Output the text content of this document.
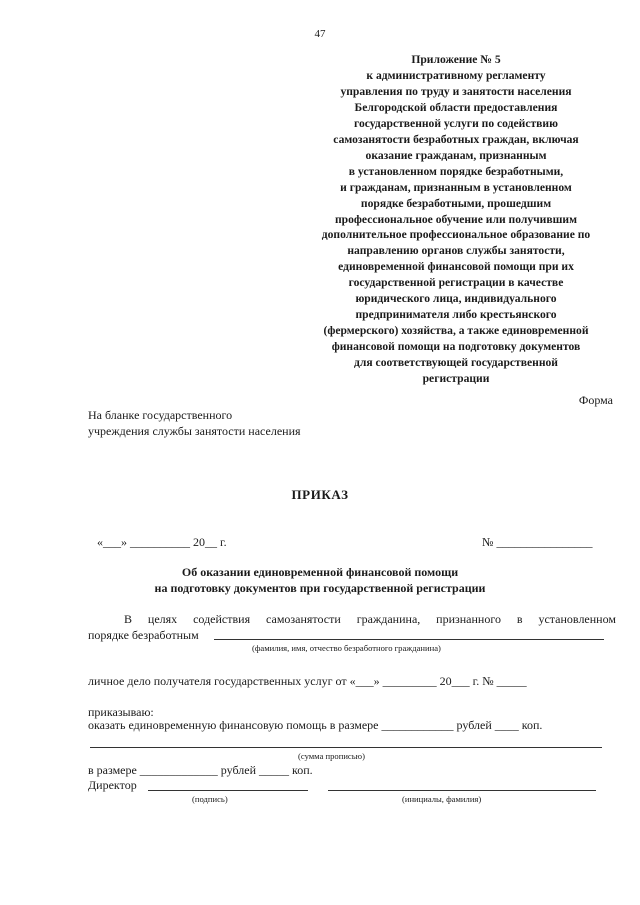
47
Приложение № 5
к административному регламенту
управления по труду и занятости населения
Белгородской области предоставления
государственной услуги по содействию
самозанятости безработных граждан, включая
оказание гражданам, признанным
в установленном порядке безработными,
и гражданам, признанным в установленном
порядке безработными, прошедшим
профессиональное обучение или получившим
дополнительное профессиональное образование по
направлению органов службы занятости,
единовременной финансовой помощи при их
государственной регистрации в качестве
юридического лица, индивидуального
предпринимателя либо крестьянского
(фермерского) хозяйства, а также единовременной
финансовой помощи на подготовку документов
для соответствующей государственной
регистрации
Форма
На бланке государственного
учреждения службы занятости населения
ПРИКАЗ
«___» __________ 20__ г.	№ ________________
Об оказании единовременной финансовой помощи
на подготовку документов при государственной регистрации
В целях содействия самозанятости гражданина, признанного в установленном
порядке безработным
(фамилия, имя, отчество безработного гражданина)
личное дело получателя государственных услуг от «___» _________ 20___ г. № _____
приказываю:
оказать единовременную финансовую помощь в размере ____________ рублей ____ коп.
(сумма прописью)
в размере _____________ рублей _____ коп.
Директор
(подпись)	(инициалы, фамилия)
